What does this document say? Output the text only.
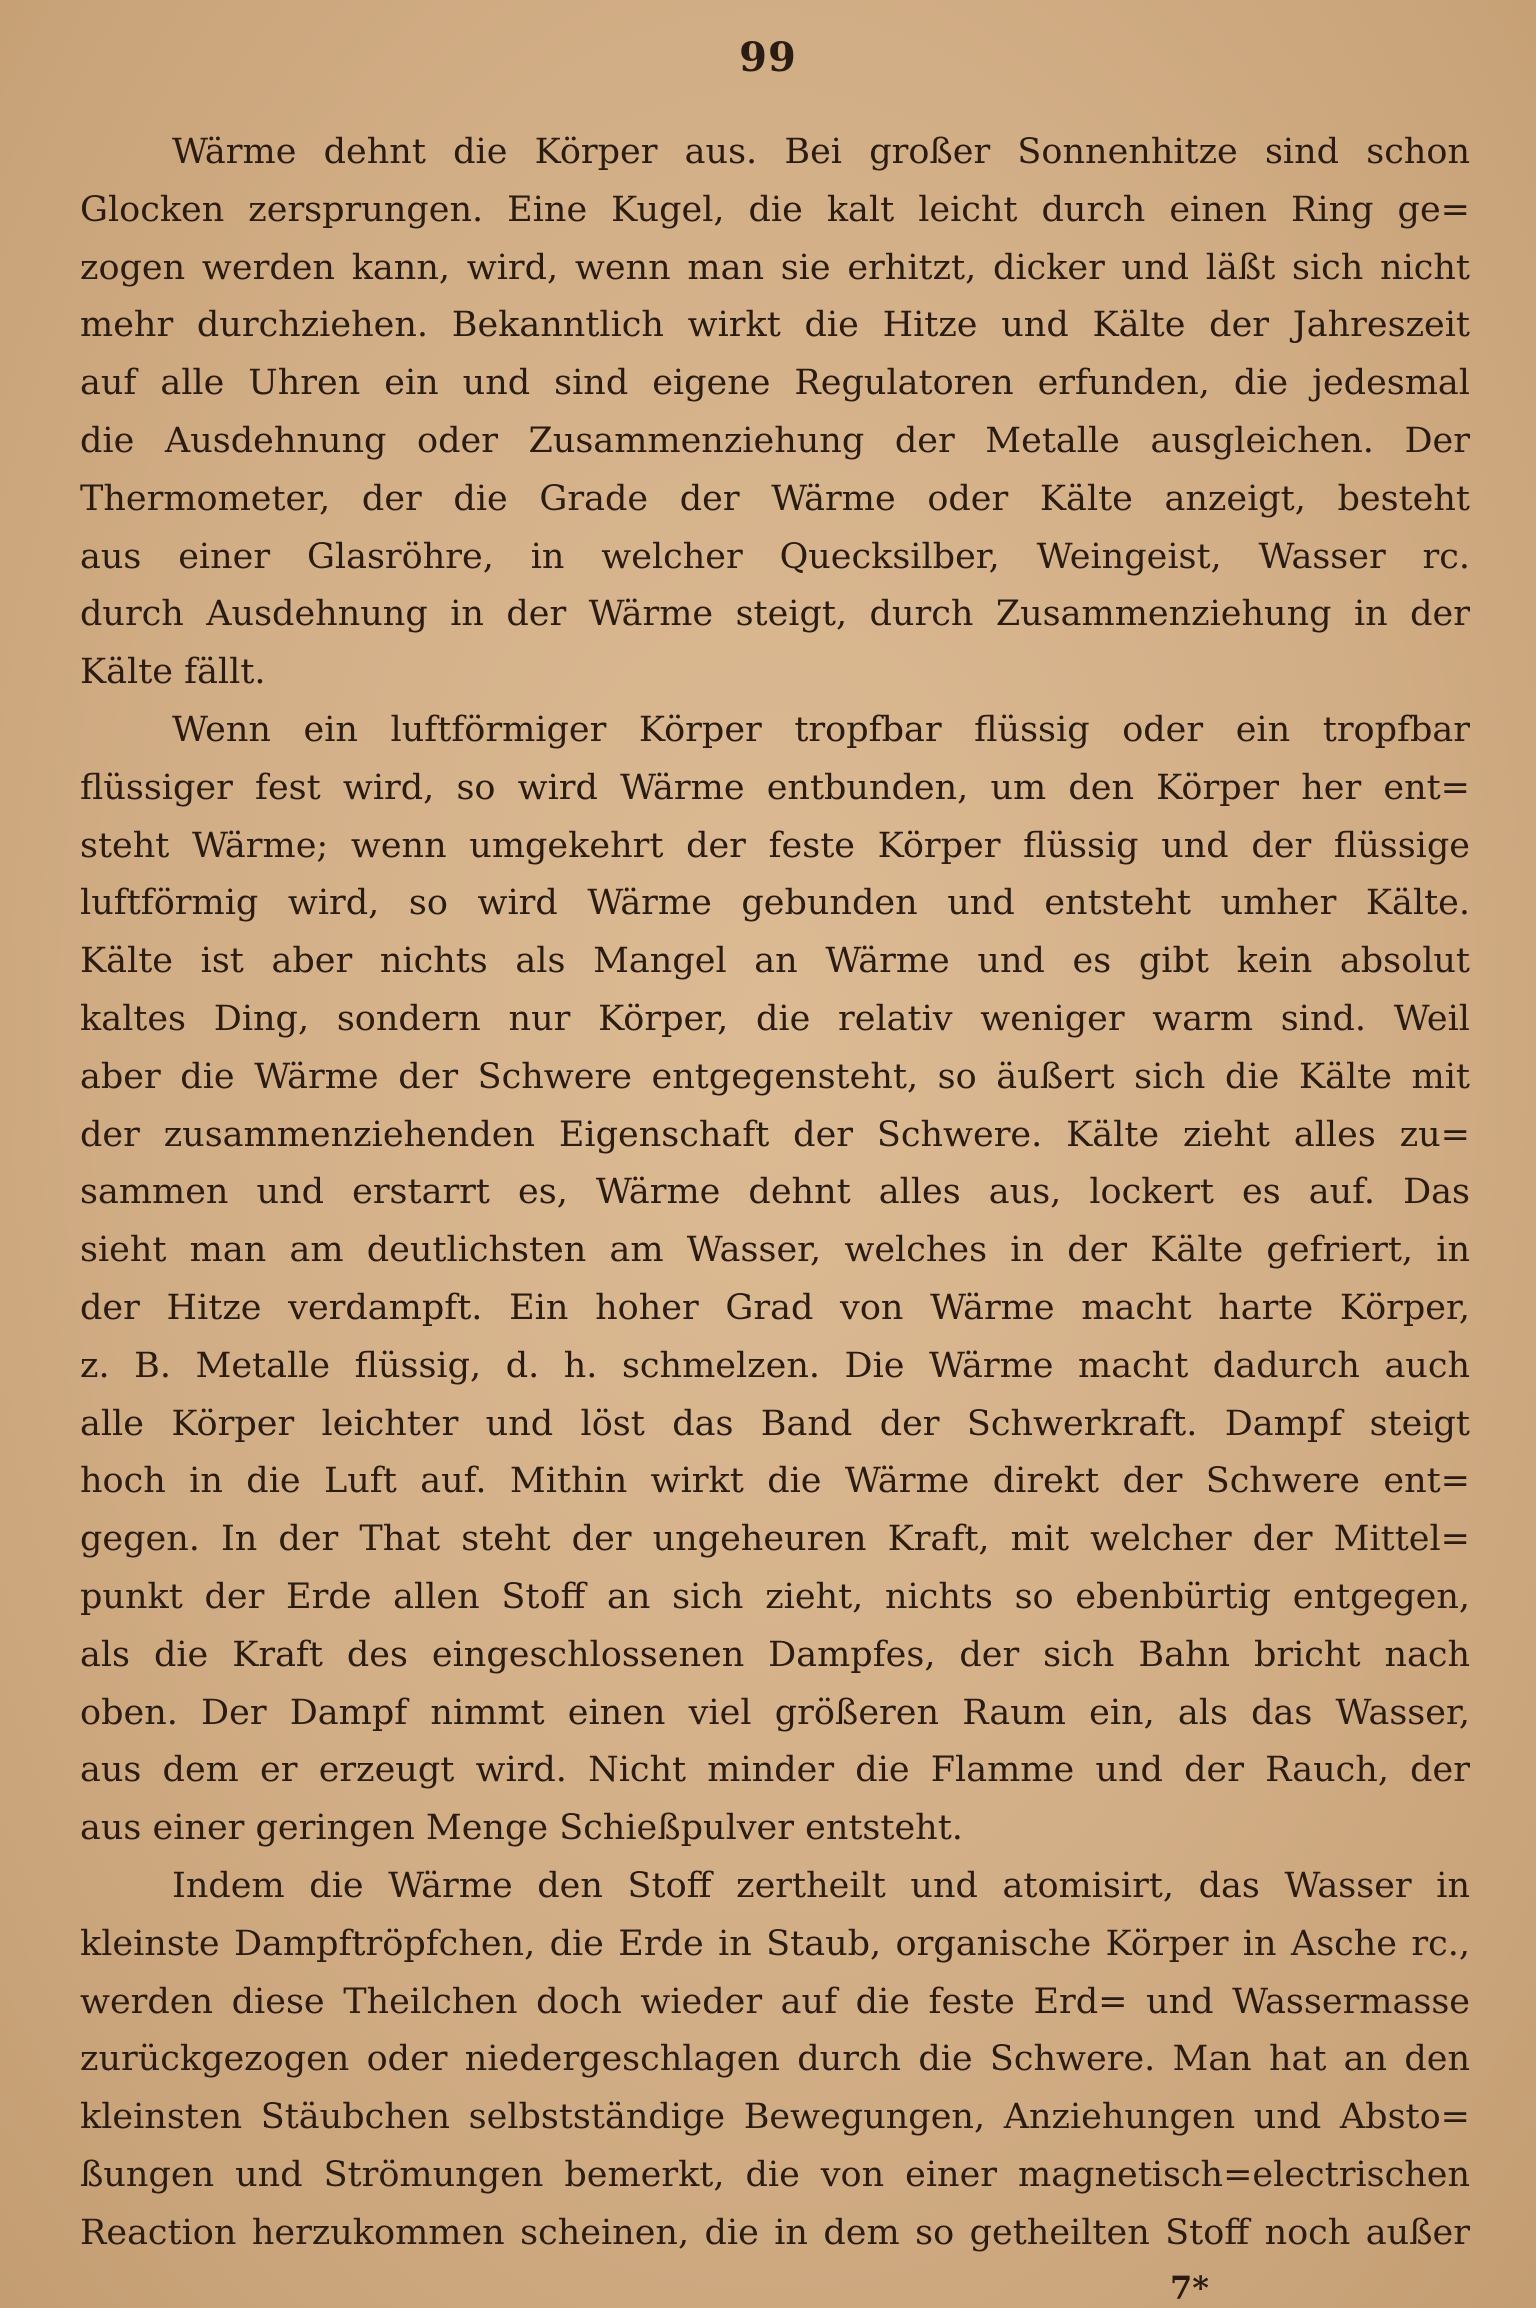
99
Wärme dehnt die Körper aus. Bei großer Sonnenhitze sind schon
Glocken zersprungen. Eine Kugel, die kalt leicht durch einen Ring ge=
zogen werden kann, wird, wenn man sie erhitzt, dicker und läßt sich nicht
mehr durchziehen. Bekanntlich wirkt die Hitze und Kälte der Jahreszeit
auf alle Uhren ein und sind eigene Regulatoren erfunden, die jedesmal
die Ausdehnung oder Zusammenziehung der Metalle ausgleichen. Der
Thermometer, der die Grade der Wärme oder Kälte anzeigt, besteht
aus einer Glasröhre, in welcher Quecksilber, Weingeist, Wasser rc.
durch Ausdehnung in der Wärme steigt, durch Zusammenziehung in der
Kälte fällt.
Wenn ein luftförmiger Körper tropfbar flüssig oder ein tropfbar
flüssiger fest wird, so wird Wärme entbunden, um den Körper her ent=
steht Wärme; wenn umgekehrt der feste Körper flüssig und der flüssige
luftförmig wird, so wird Wärme gebunden und entsteht umher Kälte.
Kälte ist aber nichts als Mangel an Wärme und es gibt kein absolut
kaltes Ding, sondern nur Körper, die relativ weniger warm sind. Weil
aber die Wärme der Schwere entgegensteht, so äußert sich die Kälte mit
der zusammenziehenden Eigenschaft der Schwere. Kälte zieht alles zu=
sammen und erstarrt es, Wärme dehnt alles aus, lockert es auf. Das
sieht man am deutlichsten am Wasser, welches in der Kälte gefriert, in
der Hitze verdampft. Ein hoher Grad von Wärme macht harte Körper,
z. B. Metalle flüssig, d. h. schmelzen. Die Wärme macht dadurch auch
alle Körper leichter und löst das Band der Schwerkraft. Dampf steigt
hoch in die Luft auf. Mithin wirkt die Wärme direkt der Schwere ent=
gegen. In der That steht der ungeheuren Kraft, mit welcher der Mittel=
punkt der Erde allen Stoff an sich zieht, nichts so ebenbürtig entgegen,
als die Kraft des eingeschlossenen Dampfes, der sich Bahn bricht nach
oben. Der Dampf nimmt einen viel größeren Raum ein, als das Wasser,
aus dem er erzeugt wird. Nicht minder die Flamme und der Rauch, der
aus einer geringen Menge Schießpulver entsteht.
Indem die Wärme den Stoff zertheilt und atomisirt, das Wasser in
kleinste Dampftröpfchen, die Erde in Staub, organische Körper in Asche rc.,
werden diese Theilchen doch wieder auf die feste Erd= und Wassermasse
zurückgezogen oder niedergeschlagen durch die Schwere. Man hat an den
kleinsten Stäubchen selbstständige Bewegungen, Anziehungen und Absto=
ßungen und Strömungen bemerkt, die von einer magnetisch=electrischen
Reaction herzukommen scheinen, die in dem so getheilten Stoff noch außer
7*
